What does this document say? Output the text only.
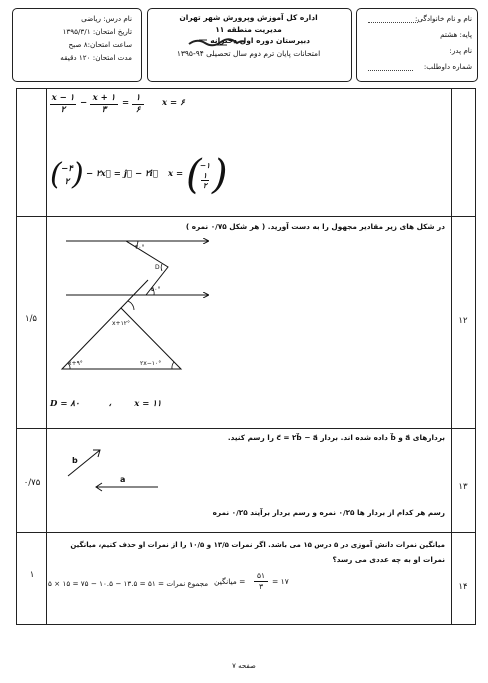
نام درس: ریاضی
تاریخ امتحان: ۱۳۹۵/۳/۱
ساعت امتحان:۸ صبح
مدت امتحان: ۱۲۰ دقیقه
اداره کل آموزش وپرورش شهر تهران
مدیریت منطقه ۱۱
دبیرستان دوره اول دخترانه
امتحانات پایان ترم دوم سال تحصیلی ۹۴-۱۳۹۵
نام و نام خانوادگی:
پایه: هشتم
نام پدر:
شماره داوطلب:
x − ۱
۲
− x + ۱
۳
= ۱
۶
x = ۶
( −۴
۲ ) − ۲x⃗ = j⃗ − ۲i⃗ x = (
−۱
۱
۲ )
۱۲
۱/۵
در شکل های زیر مقادیر مجهول را به دست آورید. ( هر شکل ۰/۷۵ نمره )
۳۰°
D
۵۰°
x+۱۲°
x+۹°	۲x−۱۰°
D = ۸۰	،	x = ۱۱
۱۳
۰/۷۵
بردارهای a⃗ و b⃗ داده شده اند. بردار c⃗ = ۲b⃗ − a⃗ را رسم کنید.
b
a
رسم هر کدام از بردار ها ۰/۲۵ نمره و رسم بردار برآیند ۰/۲۵ نمره
۱۴
۱
میانگین نمرات دانش آموزی در ۵ درس ۱۵ می باشد. اگر نمرات ۱۳/۵ و ۱۰/۵ را از نمرات او حذف کنیم، میانگین
نمرات او به چه عددی می رسد؟
۵ × ۱۵ = ۷۵ − ۱۰.۵ − ۱۳.۵ = ۵۱ = مجموع نمرات
۵۱
۳
میانگین =	= ۱۷
صفحه ۷
